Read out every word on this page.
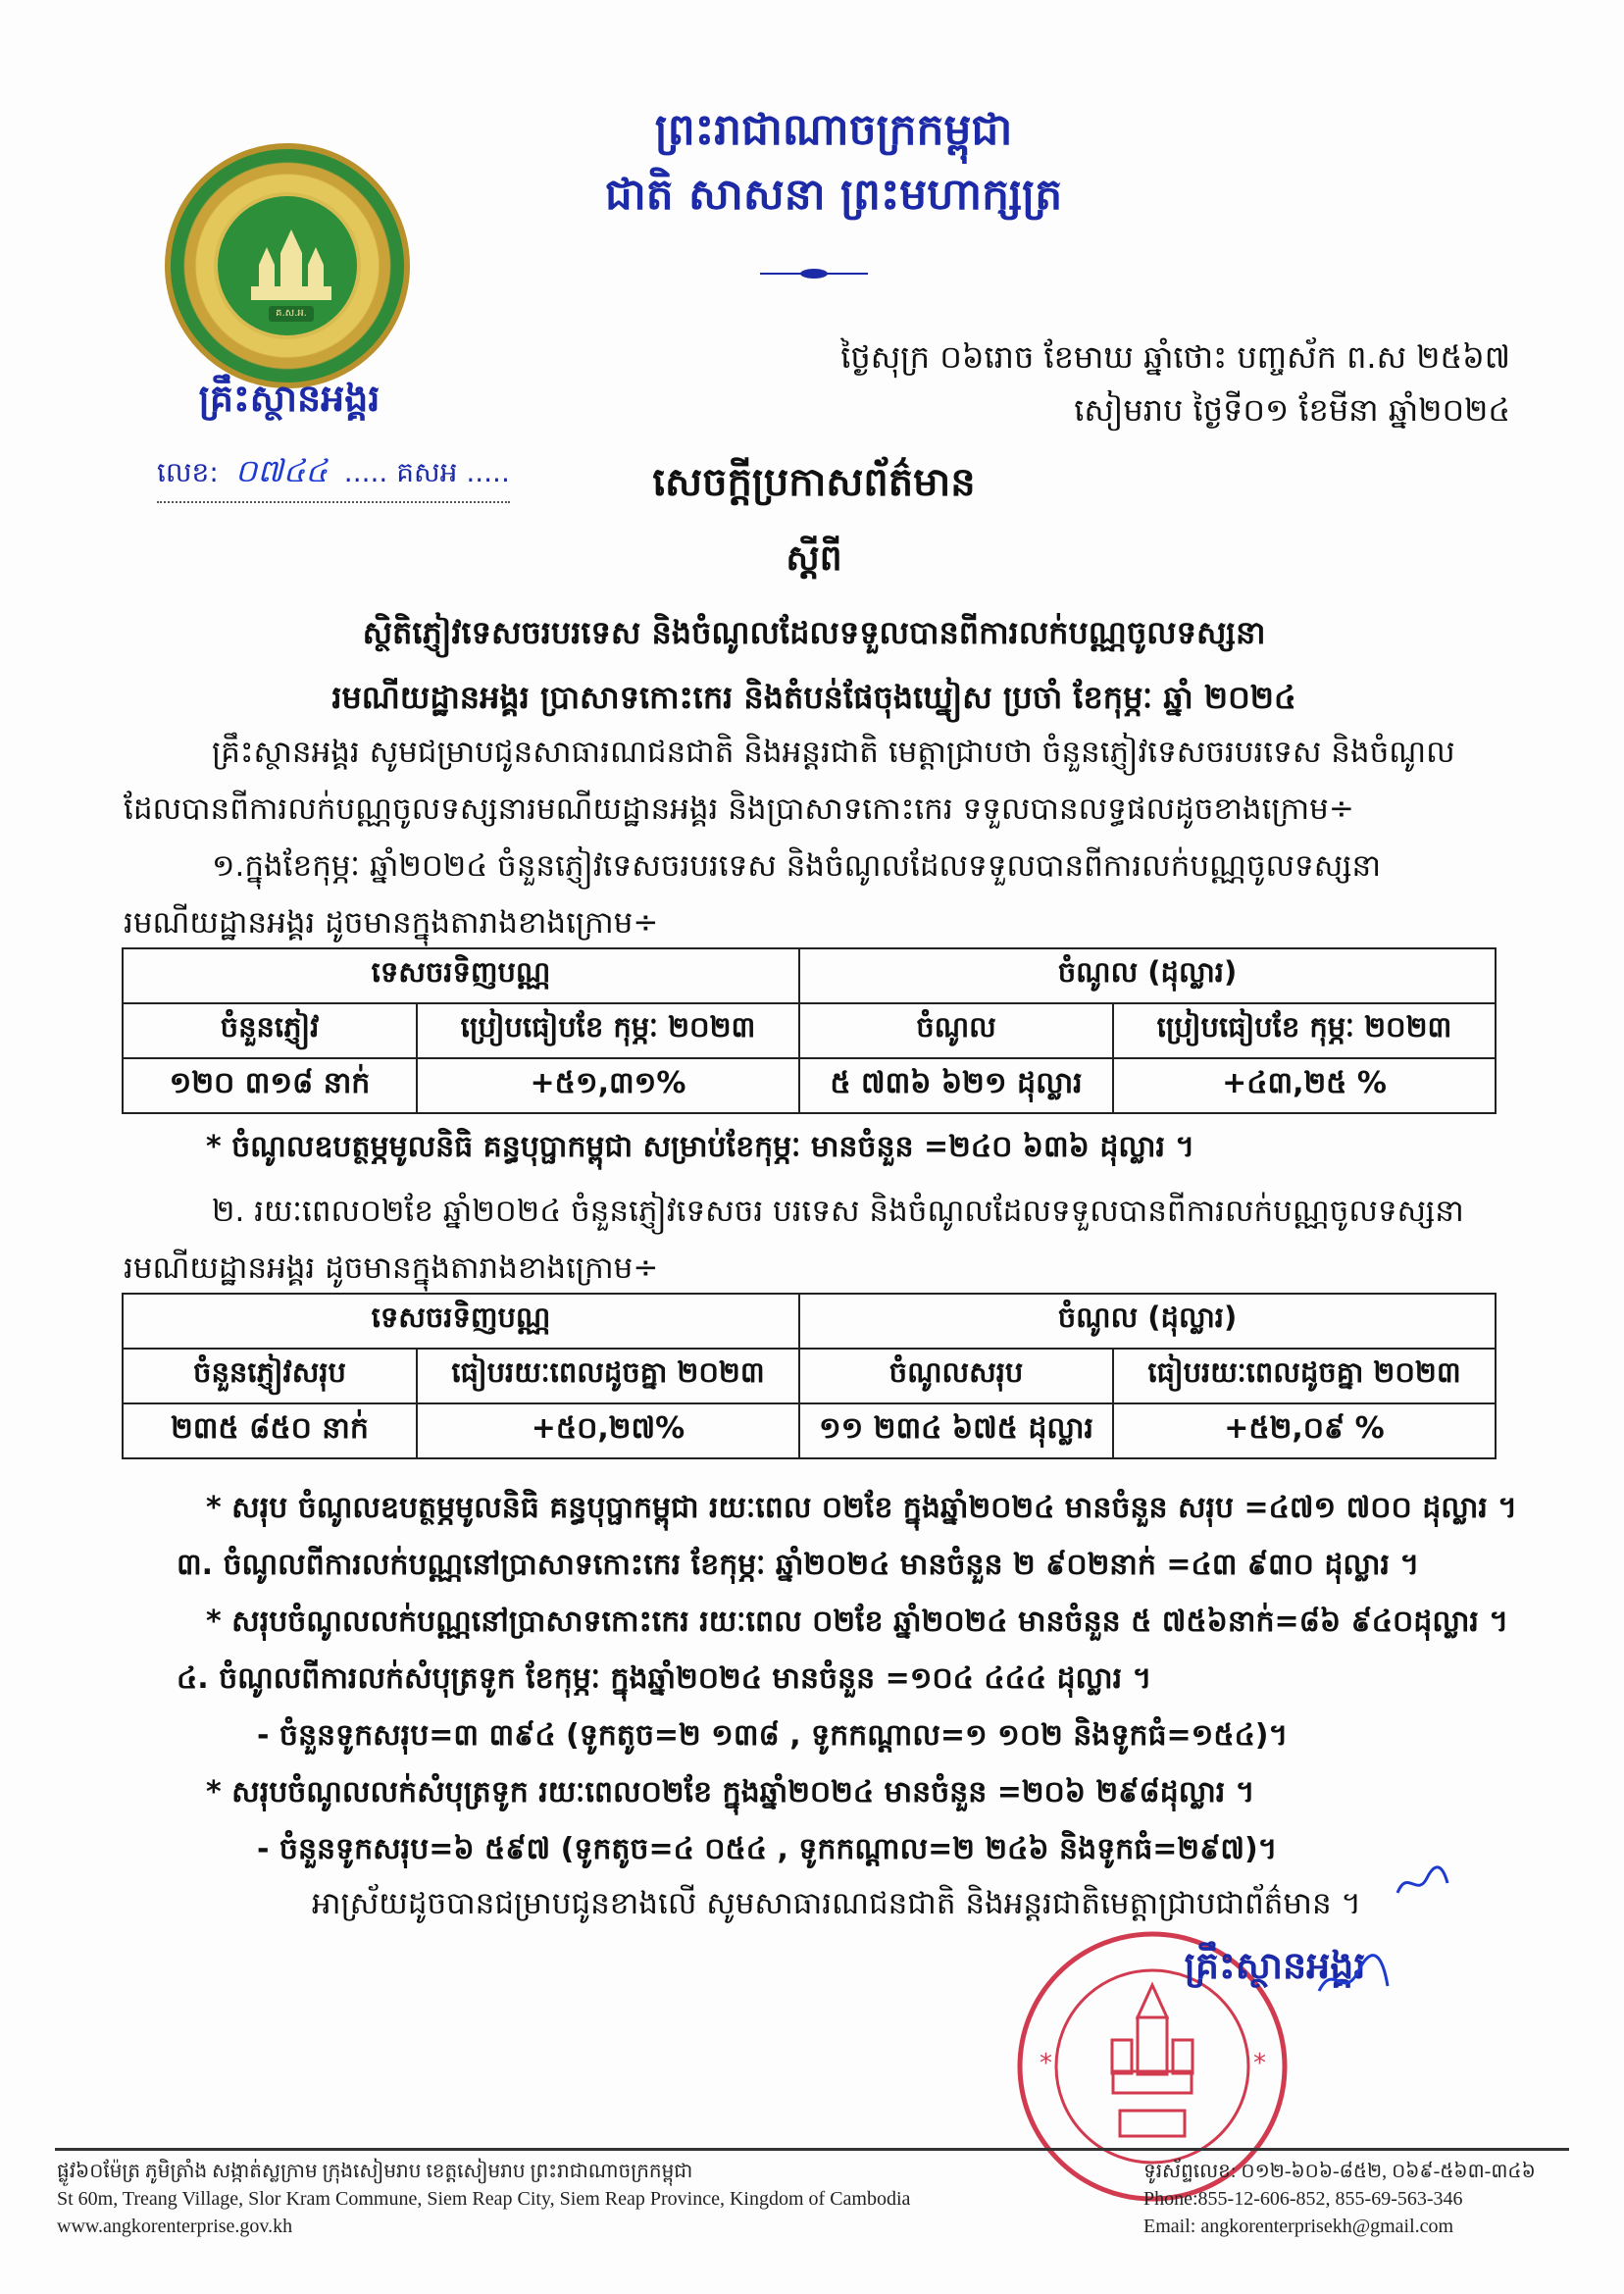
ព្រះរាជាណាចក្រកម្ពុជា
ជាតិ សាសនា ព្រះមហាក្សត្រ
គ.ស.អ.
គ្រឹះស្ថានអង្គរ
លេខ: ០៧៤៤ ..... គសអ .....
ថ្ងៃសុក្រ ០៦រោច ខែមាឃ ឆ្នាំថោះ បញ្ចស័ក ព.ស ២៥៦៧
សៀមរាប ថ្ងៃទី០១ ខែមីនា ឆ្នាំ២០២៤
សេចក្តីប្រកាសព័ត៌មាន
ស្តីពី
ស្ថិតិភ្ញៀវទេសចរបរទេស និងចំណូលដែលទទួលបានពីការលក់បណ្ណចូលទស្សនា
រមណីយដ្ឋានអង្គរ ប្រាសាទកោះកេរ និងតំបន់ផែចុងឃ្នៀស ប្រចាំ ខែកុម្ភៈ ឆ្នាំ ២០២៤
គ្រឹះស្ថានអង្គរ សូមជម្រាបជូនសាធារណជនជាតិ និងអន្តរជាតិ មេត្តាជ្រាបថា ចំនួនភ្ញៀវទេសចរបរទេស និងចំណូល
ដែលបានពីការលក់បណ្ណចូលទស្សនារមណីយដ្ឋានអង្គរ និងប្រាសាទកោះកេរ ទទួលបានលទ្ធផលដូចខាងក្រោម÷
១.ក្នុងខែកុម្ភៈ ឆ្នាំ២០២៤ ចំនួនភ្ញៀវទេសចរបរទេស និងចំណូលដែលទទួលបានពីការលក់បណ្ណចូលទស្សនា
រមណីយដ្ឋានអង្គរ ដូចមានក្នុងតារាងខាងក្រោម÷
ទេសចរទិញបណ្ណ		ចំណូល (ដុល្លារ)	
ចំនួនភ្ញៀវ	ប្រៀបធៀបខែ កុម្ភៈ ២០២៣	ចំណូល	ប្រៀបធៀបខែ កុម្ភៈ ២០២៣
១២០ ៣១៨ នាក់	+៥១,៣១%	៥ ៧៣៦ ៦២១ ដុល្លារ	+៤៣,២៥ %
* ចំណូលឧបត្ថម្ភមូលនិធិ គន្ធបុប្ផាកម្ពុជា សម្រាប់ខែកុម្ភៈ មានចំនួន =២៤០ ៦៣៦ ដុល្លារ ។
២. រយៈពេល០២ខែ ឆ្នាំ២០២៤ ចំនួនភ្ញៀវទេសចរ បរទេស និងចំណូលដែលទទួលបានពីការលក់បណ្ណចូលទស្សនា
រមណីយដ្ឋានអង្គរ ដូចមានក្នុងតារាងខាងក្រោម÷
ទេសចរទិញបណ្ណ		ចំណូល (ដុល្លារ)	
ចំនួនភ្ញៀវសរុប	ធៀបរយៈពេលដូចគ្នា ២០២៣	ចំណូលសរុប	ធៀបរយៈពេលដូចគ្នា ២០២៣
២៣៥ ៨៥០ នាក់	+៥០,២៧%	១១ ២៣៤ ៦៧៥ ដុល្លារ	+៥២,០៩ %
* សរុប ចំណូលឧបត្ថម្ភមូលនិធិ គន្ធបុប្ផាកម្ពុជា រយៈពេល ០២ខែ ក្នុងឆ្នាំ២០២៤ មានចំនួន សរុប =៤៧១ ៧០០ ដុល្លារ ។
៣. ចំណូលពីការលក់បណ្ណនៅប្រាសាទកោះកេរ ខែកុម្ភៈ ឆ្នាំ២០២៤ មានចំនួន ២ ៩០២នាក់ =៤៣ ៩៣០ ដុល្លារ ។
* សរុបចំណូលលក់បណ្ណនៅប្រាសាទកោះកេរ រយៈពេល ០២ខែ ឆ្នាំ២០២៤ មានចំនួន ៥ ៧៥៦នាក់=៨៦ ៩៤០ដុល្លារ ។
៤. ចំណូលពីការលក់សំបុត្រទូក ខែកុម្ភៈ ក្នុងឆ្នាំ២០២៤ មានចំនួន =១០៤ ៤៤៤ ដុល្លារ ។
- ចំនួនទូកសរុប=៣ ៣៩៤ (ទូកតូច=២ ១៣៨ , ទូកកណ្តាល=១ ១០២ និងទូកធំ=១៥៤)។
* សរុបចំណូលលក់សំបុត្រទូក រយៈពេល០២ខែ ក្នុងឆ្នាំ២០២៤ មានចំនួន =២០៦ ២៩៨ដុល្លារ ។
- ចំនួនទូកសរុប=៦ ៥៩៧ (ទូកតូច=៤ ០៥៤ , ទូកកណ្តាល=២ ២៤៦ និងទូកធំ=២៩៧)។
អាស្រ័យដូចបានជម្រាបជូនខាងលើ សូមសាធារណជនជាតិ និងអន្តរជាតិមេត្តាជ្រាបជាព័ត៌មាន ។
*	*
គ្រឹះស្ថានអង្គរ
ផ្លូវ៦០ម៉ែត្រ ភូមិត្រាំង សង្កាត់ស្លក្រាម ក្រុងសៀមរាប ខេត្តសៀមរាប ព្រះរាជាណាចក្រកម្ពុជា
St 60m, Treang Village, Slor Kram Commune, Siem Reap City, Siem Reap Province, Kingdom of Cambodia
www.angkorenterprise.gov.kh
ទូរស័ព្ទលេខ: ០១២-៦០៦-៨៥២, ០៦៩-៥៦៣-៣៤៦
Phone:855-12-606-852, 855-69-563-346
Email: angkorenterprisekh@gmail.com
